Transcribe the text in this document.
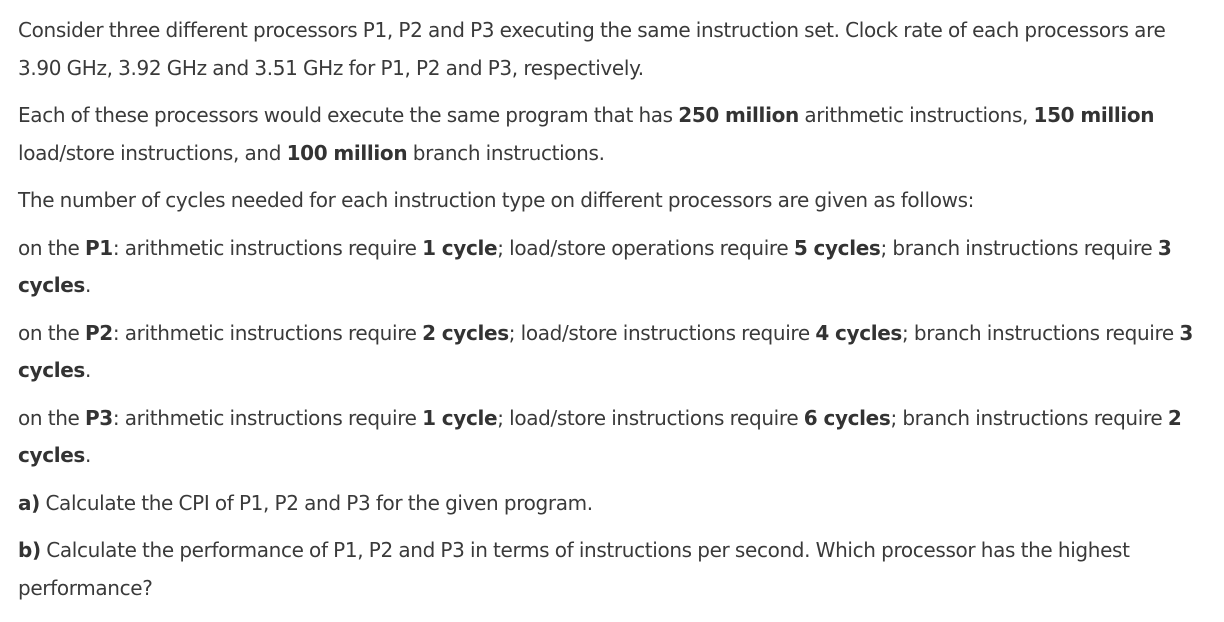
Consider three different processors P1, P2 and P3 executing the same instruction set. Clock rate of each processors are 3.90 GHz, 3.92 GHz and 3.51 GHz for P1, P2 and P3, respectively.

Each of these processors would execute the same program that has 250 million arithmetic instructions, 150 million load/store instructions, and 100 million branch instructions.

The number of cycles needed for each instruction type on different processors are given as follows:

on the P1: arithmetic instructions require 1 cycle; load/store operations require 5 cycles; branch instructions require 3 cycles.

on the P2: arithmetic instructions require 2 cycles; load/store instructions require 4 cycles; branch instructions require 3 cycles.

on the P3: arithmetic instructions require 1 cycle; load/store instructions require 6 cycles; branch instructions require 2 cycles.

a) Calculate the CPI of P1, P2 and P3 for the given program.

b) Calculate the performance of P1, P2 and P3 in terms of instructions per second. Which processor has the highest performance?
